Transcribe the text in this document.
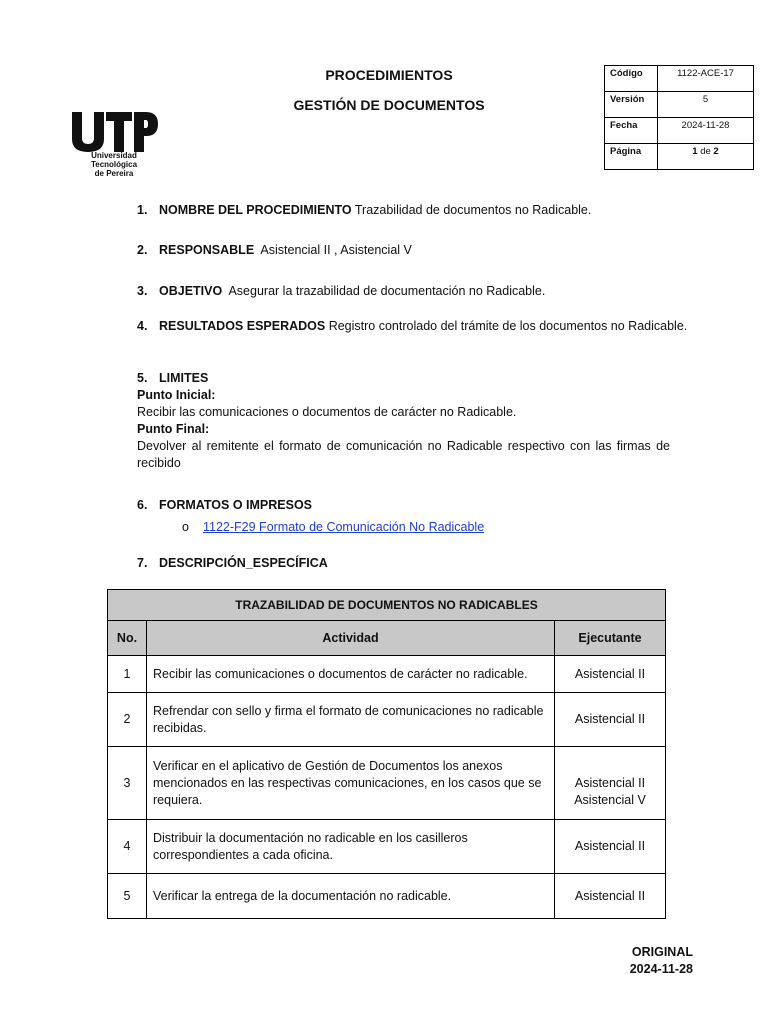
PROCEDIMIENTOS
GESTIÓN DE DOCUMENTOS
UTP
Universidad Tecnológica
de Pereira
Código	1122-ACE-17
Versión	5
Fecha	2024-11-28
Página	1 de 2
1. NOMBRE DEL PROCEDIMIENTO Trazabilidad de documentos no Radicable.
2. RESPONSABLE  Asistencial II , Asistencial V
3. OBJETIVO  Asegurar la trazabilidad de documentación no Radicable.
4. RESULTADOS ESPERADOS Registro controlado del trámite de los documentos no Radicable.
5. LIMITES
Punto Inicial:
Recibir las comunicaciones o documentos de carácter no Radicable.
Punto Final:
Devolver al remitente el formato de comunicación no Radicable respectivo con las firmas de recibido
6. FORMATOS O IMPRESOS
o 1122-F29 Formato de Comunicación No Radicable
7. DESCRIPCIÓN_ESPECÍFICA
TRAZABILIDAD DE DOCUMENTOS NO RADICABLES		
No.	Actividad	Ejecutante
1	Recibir las comunicaciones o documentos de carácter no radicable.	Asistencial II

2	Refrendar con sello y firma el formato de comunicaciones no radicable recibidas.	Asistencial II

3	Verificar en el aplicativo de Gestión de Documentos los anexos mencionados en las respectivas comunicaciones, en los casos que se requiera.	Asistencial II
Asistencial V

4	Distribuir la documentación no radicable en los casilleros correspondientes a cada oficina.	Asistencial II

5	Verificar la entrega de la documentación no radicable.	Asistencial II
ORIGINAL
2024-11-28
